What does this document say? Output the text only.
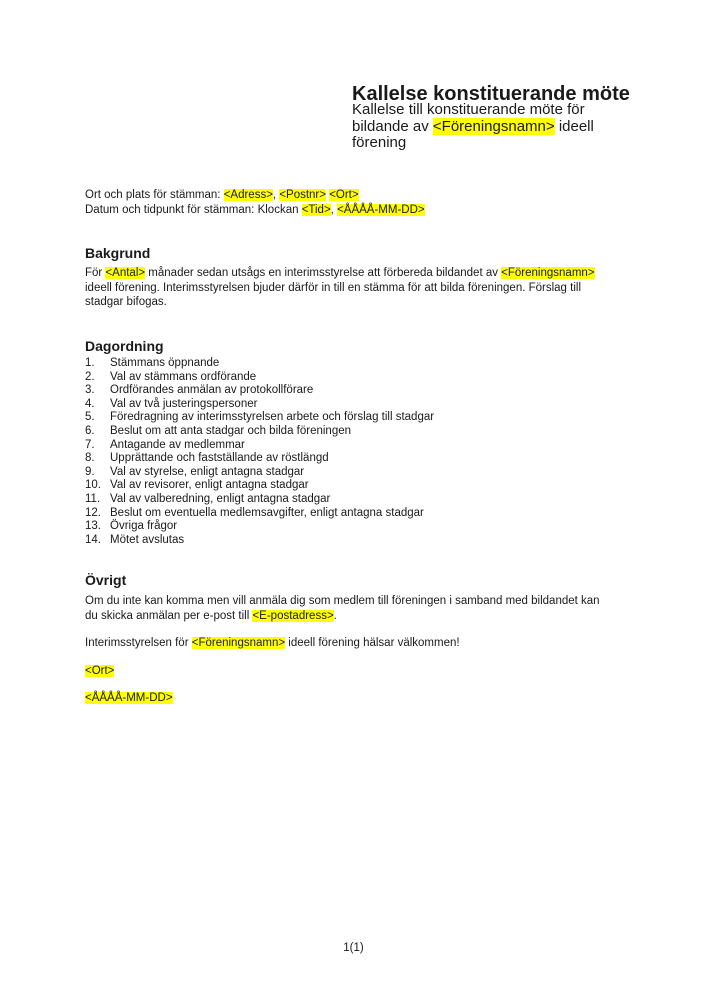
Kallelse konstituerande möte
Kallelse till konstituerande möte för
bildande av <Föreningsnamn> ideell
förening
Ort och plats för stämman: <Adress>, <Postnr> <Ort>
Datum och tidpunkt för stämman: Klockan <Tid>, <ÅÅÅÅ-MM-DD>
Bakgrund
För <Antal> månader sedan utsågs en interimsstyrelse att förbereda bildandet av <Föreningsnamn>
ideell förening. Interimsstyrelsen bjuder därför in till en stämma för att bilda föreningen. Förslag till
stadgar bifogas.
Dagordning
1. Stämmans öppnande
2. Val av stämmans ordförande
3. Ordförandes anmälan av protokollförare
4. Val av två justeringspersoner
5. Föredragning av interimsstyrelsen arbete och förslag till stadgar
6. Beslut om att anta stadgar och bilda föreningen
7. Antagande av medlemmar
8. Upprättande och fastställande av röstlängd
9. Val av styrelse, enligt antagna stadgar
10. Val av revisorer, enligt antagna stadgar
11. Val av valberedning, enligt antagna stadgar
12. Beslut om eventuella medlemsavgifter, enligt antagna stadgar
13. Övriga frågor
14. Mötet avslutas
Övrigt
Om du inte kan komma men vill anmäla dig som medlem till föreningen i samband med bildandet kan
du skicka anmälan per e-post till <E-postadress>.
Interimsstyrelsen för <Föreningsnamn> ideell förening hälsar välkommen!
<Ort>
<ÅÅÅÅ-MM-DD>
1(1)
